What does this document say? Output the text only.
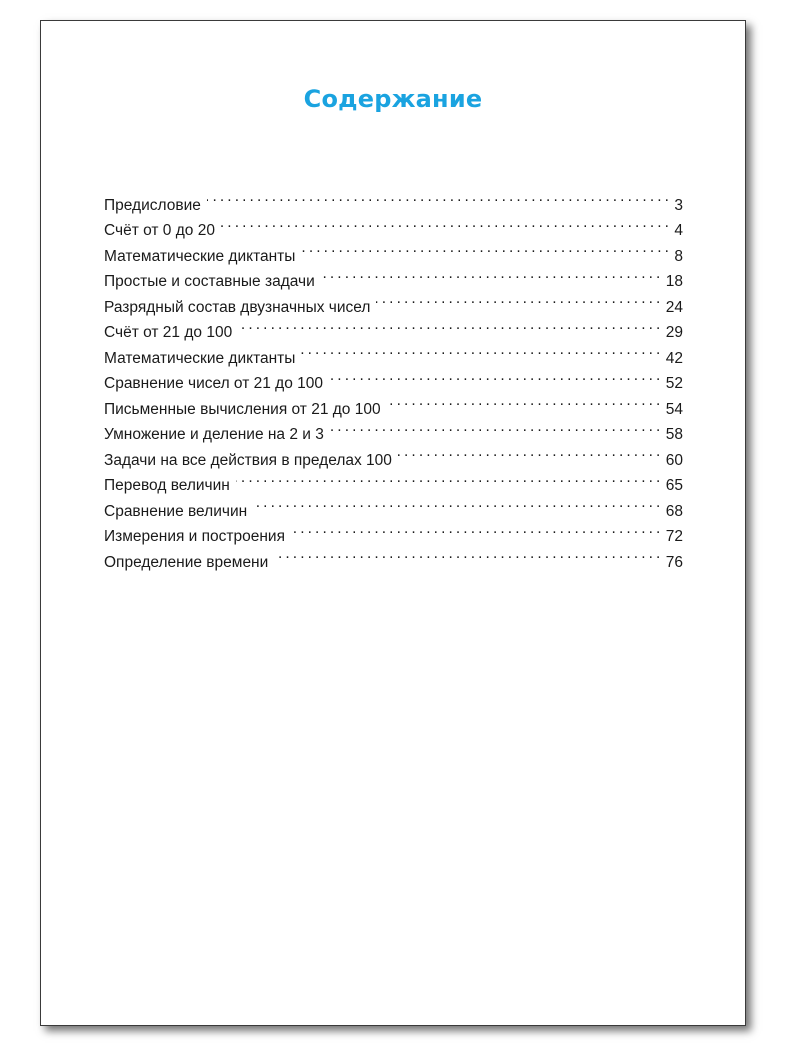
Содержание
Предисловие . . .	3
Счёт от 0 до 20 . . .	4
Математические диктанты . . .	8
Простые и составные задачи . . .	18
Разрядный состав двузначных чисел . . .	24
Счёт от 21 до 100 . . .	29
Математические диктанты . . .	42
Сравнение чисел от 21 до 100 . . .	52
Письменные вычисления от 21 до 100 . . .	54
Умножение и деление на 2 и 3 . . .	58
Задачи на все действия в пределах 100 . . .	60
Перевод величин . . .	65
Сравнение величин . . .	68
Измерения и построения . . .	72
Определение времени . . .	76
